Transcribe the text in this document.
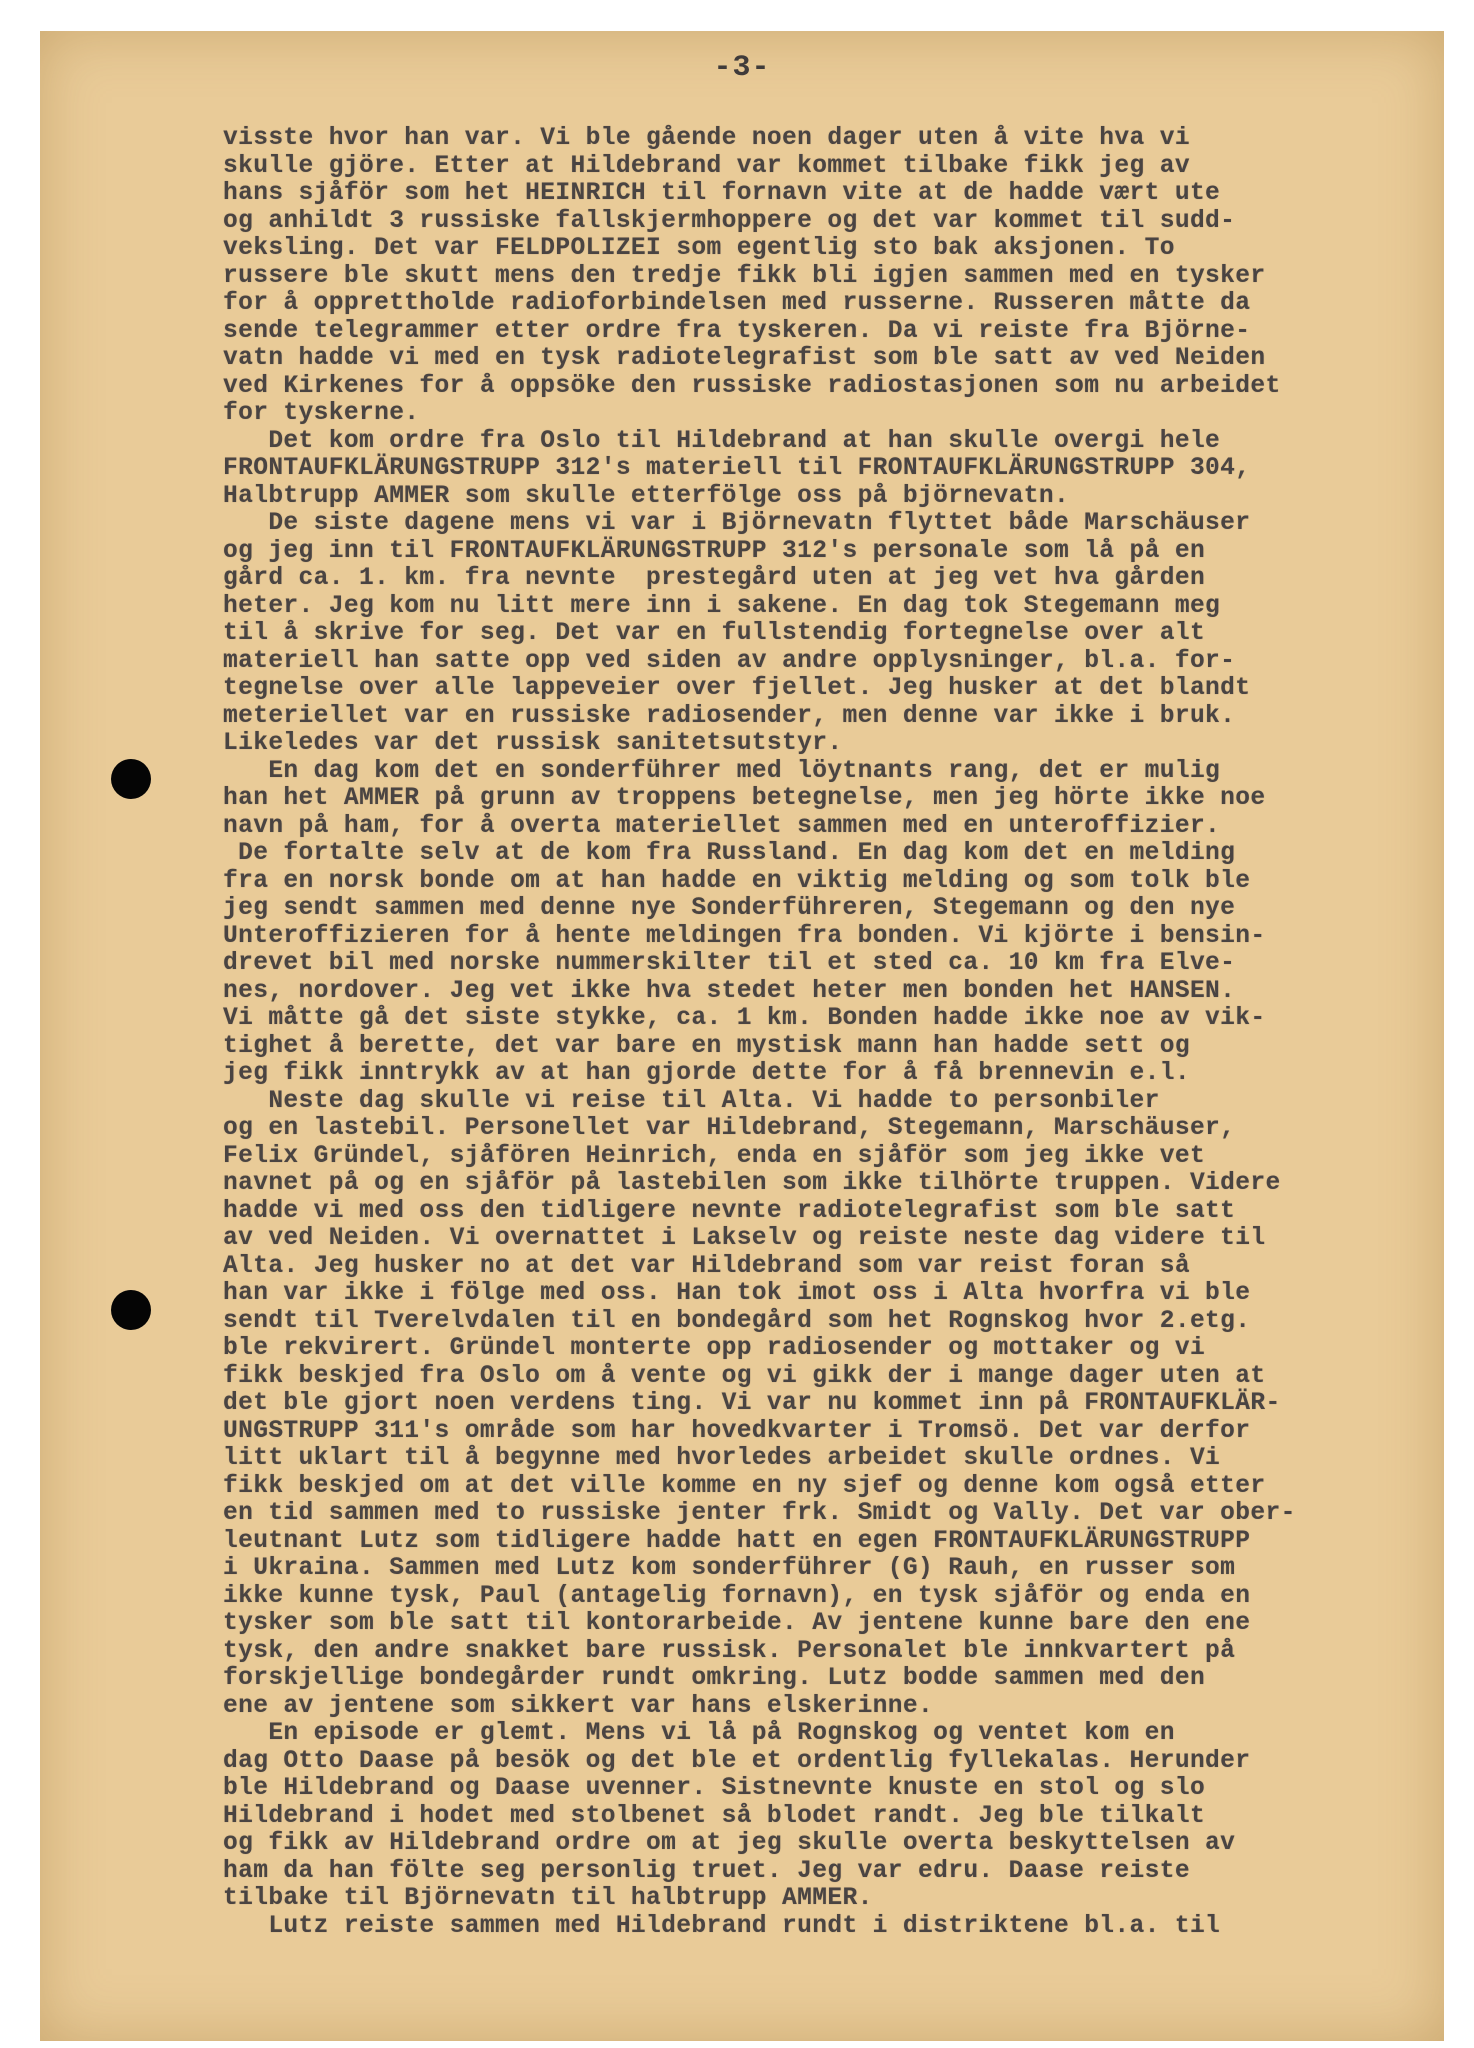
-3-
visste hvor han var. Vi ble gående noen dager uten å vite hva vi
skulle gjöre. Etter at Hildebrand var kommet tilbake fikk jeg av
hans sjåför som het HEINRICH til fornavn vite at de hadde vært ute
og anhildt 3 russiske fallskjermhoppere og det var kommet til sudd-
veksling. Det var FELDPOLIZEI som egentlig sto bak aksjonen. To
russere ble skutt mens den tredje fikk bli igjen sammen med en tysker
for å opprettholde radioforbindelsen med russerne. Russeren måtte da
sende telegrammer etter ordre fra tyskeren. Da vi reiste fra Björne-
vatn hadde vi med en tysk radiotelegrafist som ble satt av ved Neiden
ved Kirkenes for å oppsöke den russiske radiostasjonen som nu arbeidet
for tyskerne.
Det kom ordre fra Oslo til Hildebrand at han skulle overgi hele
FRONTAUFKLÄRUNGSTRUPP 312's materiell til FRONTAUFKLÄRUNGSTRUPP 304,
Halbtrupp AMMER som skulle etterfölge oss på björnevatn.
De siste dagene mens vi var i Björnevatn flyttet både Marschäuser
og jeg inn til FRONTAUFKLÄRUNGSTRUPP 312's personale som lå på en
gård ca. 1. km. fra nevnte  prestegård uten at jeg vet hva gården
heter. Jeg kom nu litt mere inn i sakene. En dag tok Stegemann meg
til å skrive for seg. Det var en fullstendig fortegnelse over alt
materiell han satte opp ved siden av andre opplysninger, bl.a. for-
tegnelse over alle lappeveier over fjellet. Jeg husker at det blandt
meteriellet var en russiske radiosender, men denne var ikke i bruk.
Likeledes var det russisk sanitetsutstyr.
En dag kom det en sonderführer med löytnants rang, det er mulig
han het AMMER på grunn av troppens betegnelse, men jeg hörte ikke noe
navn på ham, for å overta materiellet sammen med en unteroffizier.
De fortalte selv at de kom fra Russland. En dag kom det en melding
fra en norsk bonde om at han hadde en viktig melding og som tolk ble
jeg sendt sammen med denne nye Sonderführeren, Stegemann og den nye
Unteroffizieren for å hente meldingen fra bonden. Vi kjörte i bensin-
drevet bil med norske nummerskilter til et sted ca. 10 km fra Elve-
nes, nordover. Jeg vet ikke hva stedet heter men bonden het HANSEN.
Vi måtte gå det siste stykke, ca. 1 km. Bonden hadde ikke noe av vik-
tighet å berette, det var bare en mystisk mann han hadde sett og
jeg fikk inntrykk av at han gjorde dette for å få brennevin e.l.
Neste dag skulle vi reise til Alta. Vi hadde to personbiler
og en lastebil. Personellet var Hildebrand, Stegemann, Marschäuser,
Felix Gründel, sjåfören Heinrich, enda en sjåför som jeg ikke vet
navnet på og en sjåför på lastebilen som ikke tilhörte truppen. Videre
hadde vi med oss den tidligere nevnte radiotelegrafist som ble satt
av ved Neiden. Vi overnattet i Lakselv og reiste neste dag videre til
Alta. Jeg husker no at det var Hildebrand som var reist foran så
han var ikke i fölge med oss. Han tok imot oss i Alta hvorfra vi ble
sendt til Tverelvdalen til en bondegård som het Rognskog hvor 2.etg.
ble rekvirert. Gründel monterte opp radiosender og mottaker og vi
fikk beskjed fra Oslo om å vente og vi gikk der i mange dager uten at
det ble gjort noen verdens ting. Vi var nu kommet inn på FRONTAUFKLÄR-
UNGSTRUPP 311's område som har hovedkvarter i Tromsö. Det var derfor
litt uklart til å begynne med hvorledes arbeidet skulle ordnes. Vi
fikk beskjed om at det ville komme en ny sjef og denne kom også etter
en tid sammen med to russiske jenter frk. Smidt og Vally. Det var ober-
leutnant Lutz som tidligere hadde hatt en egen FRONTAUFKLÄRUNGSTRUPP
i Ukraina. Sammen med Lutz kom sonderführer (G) Rauh, en russer som
ikke kunne tysk, Paul (antagelig fornavn), en tysk sjåför og enda en
tysker som ble satt til kontorarbeide. Av jentene kunne bare den ene
tysk, den andre snakket bare russisk. Personalet ble innkvartert på
forskjellige bondegårder rundt omkring. Lutz bodde sammen med den
ene av jentene som sikkert var hans elskerinne.
En episode er glemt. Mens vi lå på Rognskog og ventet kom en
dag Otto Daase på besök og det ble et ordentlig fyllekalas. Herunder
ble Hildebrand og Daase uvenner. Sistnevnte knuste en stol og slo
Hildebrand i hodet med stolbenet så blodet randt. Jeg ble tilkalt
og fikk av Hildebrand ordre om at jeg skulle overta beskyttelsen av
ham da han fölte seg personlig truet. Jeg var edru. Daase reiste
tilbake til Björnevatn til halbtrupp AMMER.
Lutz reiste sammen med Hildebrand rundt i distriktene bl.a. til
